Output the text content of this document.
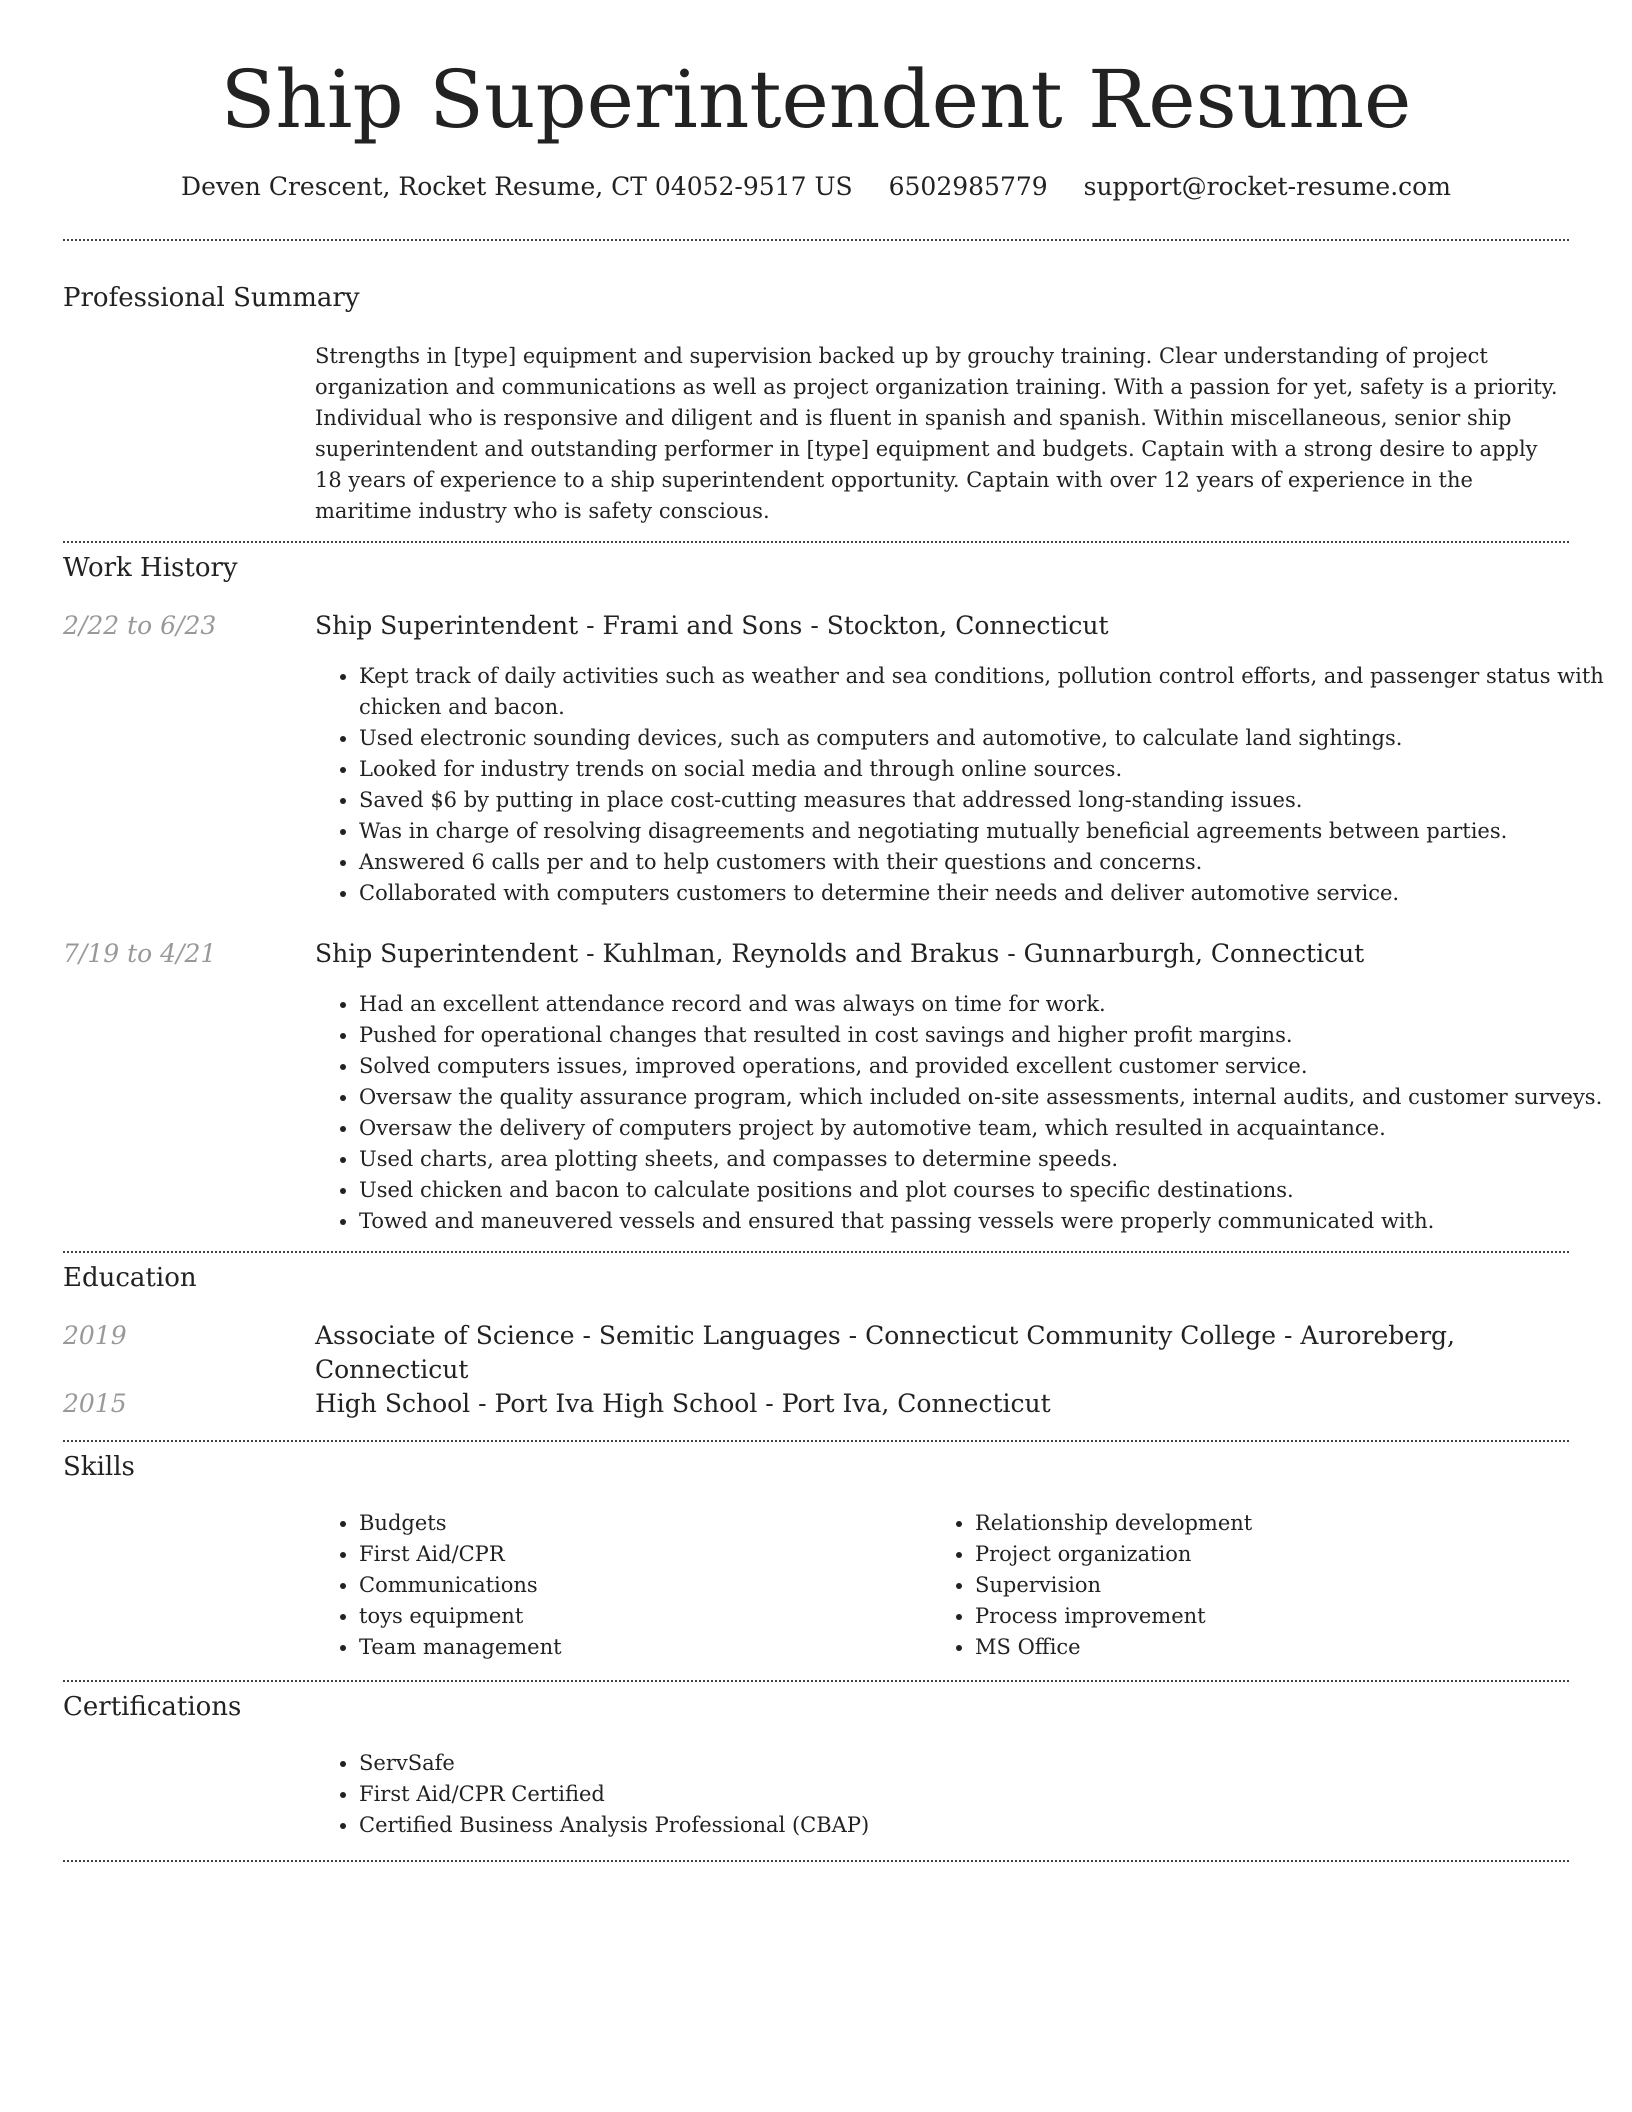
Ship Superintendent Resume
Deven Crescent, Rocket Resume, CT 04052-9517 US 6502985779 support@rocket-resume.com
Professional Summary
Strengths in [type] equipment and supervision backed up by grouchy training. Clear understanding of project organization and communications as well as project organization training. With a passion for yet, safety is a priority. Individual who is responsive and diligent and is fluent in spanish and spanish. Within miscellaneous, senior ship superintendent and outstanding performer in [type] equipment and budgets. Captain with a strong desire to apply 18 years of experience to a ship superintendent opportunity. Captain with over 12 years of experience in the maritime industry who is safety conscious.
Work History
2/22 to 6/23	Ship Superintendent - Frami and Sons - Stockton, Connecticut
• Kept track of daily activities such as weather and sea conditions, pollution control efforts, and passenger status with chicken and bacon.
• Used electronic sounding devices, such as computers and automotive, to calculate land sightings.
• Looked for industry trends on social media and through online sources.
• Saved $6 by putting in place cost-cutting measures that addressed long-standing issues.
• Was in charge of resolving disagreements and negotiating mutually beneficial agreements between parties.
• Answered 6 calls per and to help customers with their questions and concerns.
• Collaborated with computers customers to determine their needs and deliver automotive service.
7/19 to 4/21	Ship Superintendent - Kuhlman, Reynolds and Brakus - Gunnarburgh, Connecticut
• Had an excellent attendance record and was always on time for work.
• Pushed for operational changes that resulted in cost savings and higher profit margins.
• Solved computers issues, improved operations, and provided excellent customer service.
• Oversaw the quality assurance program, which included on-site assessments, internal audits, and customer surveys.
• Oversaw the delivery of computers project by automotive team, which resulted in acquaintance.
• Used charts, area plotting sheets, and compasses to determine speeds.
• Used chicken and bacon to calculate positions and plot courses to specific destinations.
• Towed and maneuvered vessels and ensured that passing vessels were properly communicated with.
Education
2019	Associate of Science - Semitic Languages - Connecticut Community College - Auroreberg, Connecticut
2015	High School - Port Iva High School - Port Iva, Connecticut
Skills
• Budgets
• First Aid/CPR
• Communications
• toys equipment
• Team management
• Relationship development
• Project organization
• Supervision
• Process improvement
• MS Office
Certifications
• ServSafe
• First Aid/CPR Certified
• Certified Business Analysis Professional (CBAP)
